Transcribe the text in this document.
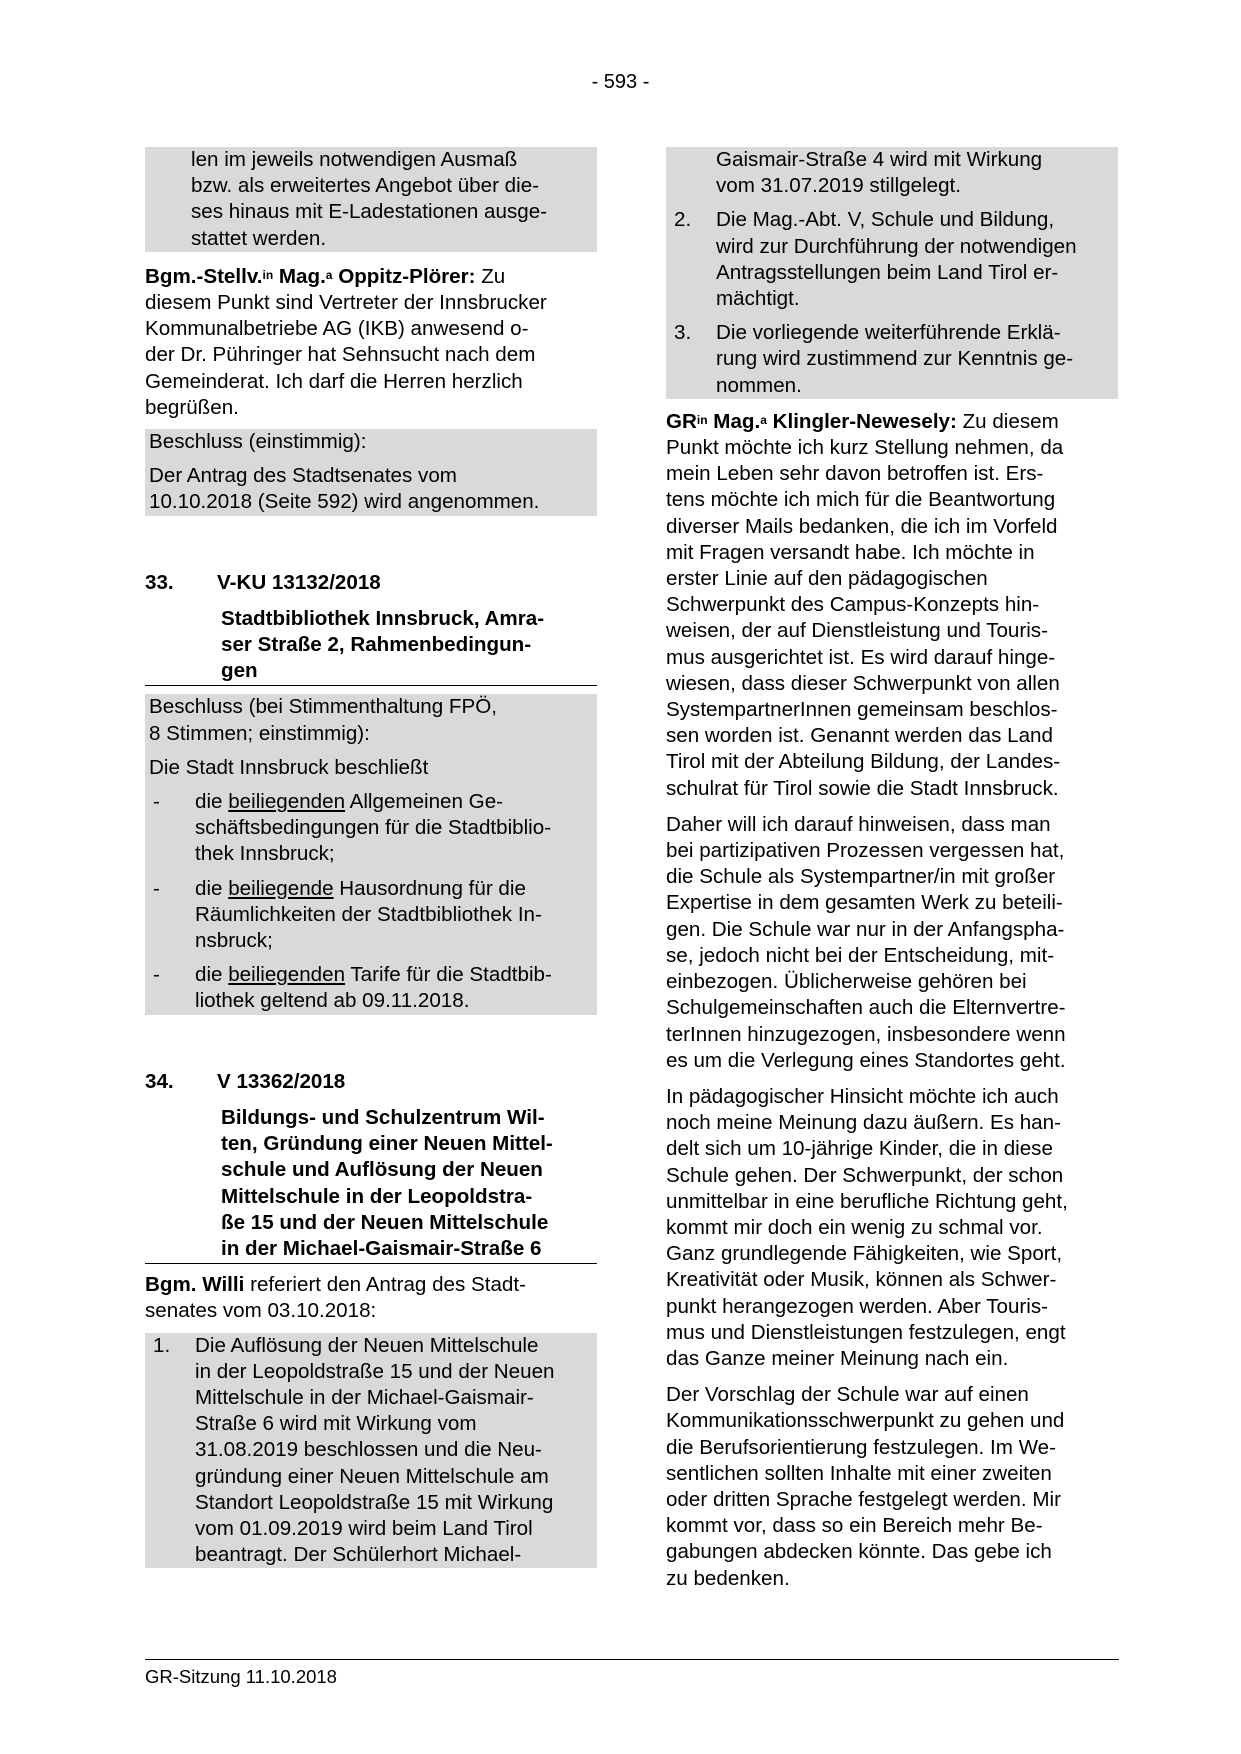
- 593 -
len im jeweils notwendigen Ausmaß
bzw. als erweitertes Angebot über die-
ses hinaus mit E-Ladestationen ausge-
stattet werden.

Bgm.-Stellv.$^{in}$ Mag.$^a$ Oppitz-Plörer: Zu

diesem Punkt sind Vertreter der Innsbrucker
Kommunalbetriebe AG (IKB) anwesend o-
der Dr. Pühringer hat Sehnsucht nach dem
Gemeinderat. Ich darf die Herren herzlich
begrüßen.

Beschluss (einstimmig):

Der Antrag des Stadtsenates vom
10.10.2018 (Seite 592) wird angenommen.
33. V-KU 13132/2018
Stadtbibliothek Innsbruck, Amra-
ser Straße 2, Rahmenbedingun-
gen
Beschluss (bei Stimmenthaltung FPÖ,
8 Stimmen; einstimmig):

Die Stadt Innsbruck beschließt

- die beiliegenden Allgemeinen Ge-
schäftsbedingungen für die Stadtbiblio-
thek Innsbruck;
- die beiliegende Hausordnung für die
Räumlichkeiten der Stadtbibliothek In-
nsbruck;
- die beiliegenden Tarife für die Stadtbib-
liothek geltend ab 09.11.2018.
34. V 13362/2018
Bildungs- und Schulzentrum Wil-
ten, Gründung einer Neuen Mittel-
schule und Auflösung der Neuen
Mittelschule in der Leopoldstra-
ße 15 und der Neuen Mittelschule
in der Michael-Gaismair-Straße 6

Bgm. Willi referiert den Antrag des Stadt-

senates vom 03.10.2018:

1. Die Auflösung der Neuen Mittelschule
in der Leopoldstraße 15 und der Neuen
Mittelschule in der Michael-Gaismair-
Straße 6 wird mit Wirkung vom
31.08.2019 beschlossen und die Neu-
gründung einer Neuen Mittelschule am
Standort Leopoldstraße 15 mit Wirkung
vom 01.09.2019 wird beim Land Tirol
beantragt. Der Schülerhort Michael-
Gaismair-Straße 4 wird mit Wirkung
vom 31.07.2019 stillgelegt.
2. Die Mag.-Abt. V, Schule und Bildung,
wird zur Durchführung der notwendigen
Antragsstellungen beim Land Tirol er-
mächtigt.
3. Die vorliegende weiterführende Erklä-
rung wird zustimmend zur Kenntnis ge-
nommen.

$GR^{in}$ Mag.$^a$ Klingler-Newesely: Zu diesem

Punkt möchte ich kurz Stellung nehmen, da
mein Leben sehr davon betroffen ist. Ers-
tens möchte ich mich für die Beantwortung
diverser Mails bedanken, die ich im Vorfeld
mit Fragen versandt habe. Ich möchte in
erster Linie auf den pädagogischen
Schwerpunkt des Campus-Konzepts hin-
weisen, der auf Dienstleistung und Touris-
mus ausgerichtet ist. Es wird darauf hinge-
wiesen, dass dieser Schwerpunkt von allen
SystempartnerInnen gemeinsam beschlos-
sen worden ist. Genannt werden das Land
Tirol mit der Abteilung Bildung, der Landes-
schulrat für Tirol sowie die Stadt Innsbruck.
Daher will ich darauf hinweisen, dass man
bei partizipativen Prozessen vergessen hat,
die Schule als Systempartner/in mit großer
Expertise in dem gesamten Werk zu beteili-
gen. Die Schule war nur in der Anfangspha-
se, jedoch nicht bei der Entscheidung, mit-
einbezogen. Üblicherweise gehören bei
Schulgemeinschaften auch die Elternvertre-
terInnen hinzugezogen, insbesondere wenn
es um die Verlegung eines Standortes geht.
In pädagogischer Hinsicht möchte ich auch
noch meine Meinung dazu äußern. Es han-
delt sich um 10-jährige Kinder, die in diese
Schule gehen. Der Schwerpunkt, der schon
unmittelbar in eine berufliche Richtung geht,
kommt mir doch ein wenig zu schmal vor.
Ganz grundlegende Fähigkeiten, wie Sport,
Kreativität oder Musik, können als Schwer-
punkt herangezogen werden. Aber Touris-
mus und Dienstleistungen festzulegen, engt
das Ganze meiner Meinung nach ein.
Der Vorschlag der Schule war auf einen
Kommunikationsschwerpunkt zu gehen und
die Berufsorientierung festzulegen. Im We-
sentlichen sollten Inhalte mit einer zweiten
oder dritten Sprache festgelegt werden. Mir
kommt vor, dass so ein Bereich mehr Be-
gabungen abdecken könnte. Das gebe ich
zu bedenken.
GR-Sitzung 11.10.2018
